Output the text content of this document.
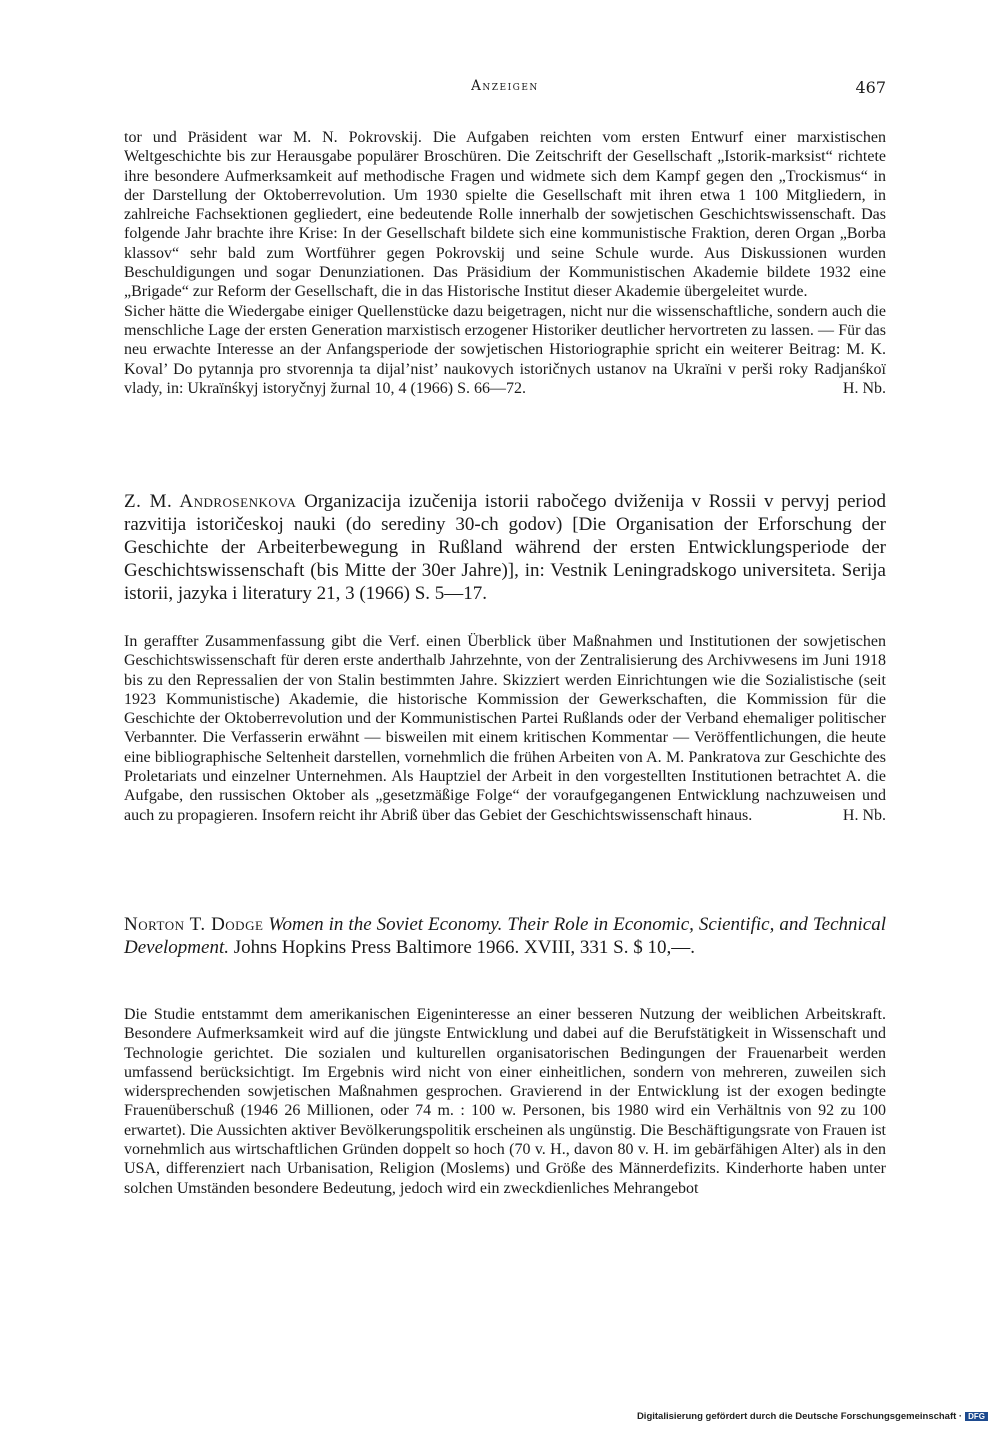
Anzeigen	467

tor und Präsident war M. N. Pokrovskij. Die Aufgaben reichten vom ersten Entwurf einer marxistischen Weltgeschichte bis zur Herausgabe populärer Broschüren. Die Zeitschrift der Gesellschaft „Istorik-marksist“ richtete ihre besondere Aufmerksamkeit auf methodische Fragen und widmete sich dem Kampf gegen den „Trockismus“ in der Darstellung der Oktoberrevolution. Um 1930 spielte die Gesellschaft mit ihren etwa 1 100 Mitgliedern, in zahlreiche Fachsektionen gegliedert, eine bedeutende Rolle innerhalb der sowjetischen Geschichtswissenschaft. Das folgende Jahr brachte ihre Krise: In der Gesellschaft bildete sich eine kommunistische Fraktion, deren Organ „Borba klassov“ sehr bald zum Wortführer gegen Pokrovskij und seine Schule wurde. Aus Diskussionen wurden Beschuldigungen und sogar Denunziationen. Das Präsidium der Kommunistischen Akademie bildete 1932 eine „Brigade“ zur Reform der Gesellschaft, die in das Historische Institut dieser Akademie übergeleitet wurde.

Sicher hätte die Wiedergabe einiger Quellenstücke dazu beigetragen, nicht nur die wissenschaftliche, sondern auch die menschliche Lage der ersten Generation marxistisch erzogener Historiker deutlicher hervortreten zu lassen. — Für das neu erwachte Interesse an der Anfangsperiode der sowjetischen Historiographie spricht ein weiterer Beitrag: M. K. Koval’ Do pytannja pro stvorennja ta dijal’nist’ naukovych istoričnych ustanov na Ukraïni v perši roky Radjanśkoï vlady, in: Ukraïnśkyj istoryčnyj žurnal 10, 4 (1966) S. 66—72.	H. Nb.

Z. M. Androsenkova Organizacija izučenija istorii rabočego dviženija v Rossii v pervyj period razvitija istoričeskoj nauki (do serediny 30-ch godov) [Die Organisation der Erforschung der Geschichte der Arbeiterbewegung in Rußland während der ersten Entwicklungsperiode der Geschichtswissenschaft (bis Mitte der 30er Jahre)], in: Vestnik Leningradskogo universiteta. Serija istorii, jazyka i literatury 21, 3 (1966) S. 5—17.

In geraffter Zusammenfassung gibt die Verf. einen Überblick über Maßnahmen und Institutionen der sowjetischen Geschichtswissenschaft für deren erste anderthalb Jahrzehnte, von der Zentralisierung des Archivwesens im Juni 1918 bis zu den Repressalien der von Stalin bestimmten Jahre. Skizziert werden Einrichtungen wie die Sozialistische (seit 1923 Kommunistische) Akademie, die historische Kommission der Gewerkschaften, die Kommission für die Geschichte der Oktoberrevolution und der Kommunistischen Partei Rußlands oder der Verband ehemaliger politischer Verbannter. Die Verfasserin erwähnt — bisweilen mit einem kritischen Kommentar — Veröffentlichungen, die heute eine bibliographische Seltenheit darstellen, vornehmlich die frühen Arbeiten von A. M. Pankratova zur Geschichte des Proletariats und einzelner Unternehmen. Als Hauptziel der Arbeit in den vorgestellten Institutionen betrachtet A. die Aufgabe, den russischen Oktober als „gesetzmäßige Folge“ der voraufgegangenen Entwicklung nachzuweisen und auch zu propagieren. Insofern reicht ihr Abriß über das Gebiet der Geschichtswissenschaft hinaus.	H. Nb.

Norton T. Dodge Women in the Soviet Economy. Their Role in Economic, Scientific, and Technical Development. Johns Hopkins Press Baltimore 1966. XVIII, 331 S. $ 10,—.

Die Studie entstammt dem amerikanischen Eigeninteresse an einer besseren Nutzung der weiblichen Arbeitskraft. Besondere Aufmerksamkeit wird auf die jüngste Entwicklung und dabei auf die Berufstätigkeit in Wissenschaft und Technologie gerichtet. Die sozialen und kulturellen organisatorischen Bedingungen der Frauenarbeit werden umfassend berücksichtigt. Im Ergebnis wird nicht von einer einheitlichen, sondern von mehreren, zuweilen sich widersprechenden sowjetischen Maßnahmen gesprochen. Gravierend in der Entwicklung ist der exogen bedingte Frauenüberschuß (1946 26 Millionen, oder 74 m. : 100 w. Personen, bis 1980 wird ein Verhältnis von 92 zu 100 erwartet). Die Aussichten aktiver Bevölkerungspolitik erscheinen als ungünstig. Die Beschäftigungsrate von Frauen ist vornehmlich aus wirtschaftlichen Gründen doppelt so hoch (70 v. H., davon 80 v. H. im gebärfähigen Alter) als in den USA, differenziert nach Urbanisation, Religion (Moslems) und Größe des Männerdefizits. Kinderhorte haben unter solchen Umständen besondere Bedeutung, jedoch wird ein zweckdienliches Mehrangebot

Digitalisierung gefördert durch die Deutsche Forschungsgemeinschaft · DFG
